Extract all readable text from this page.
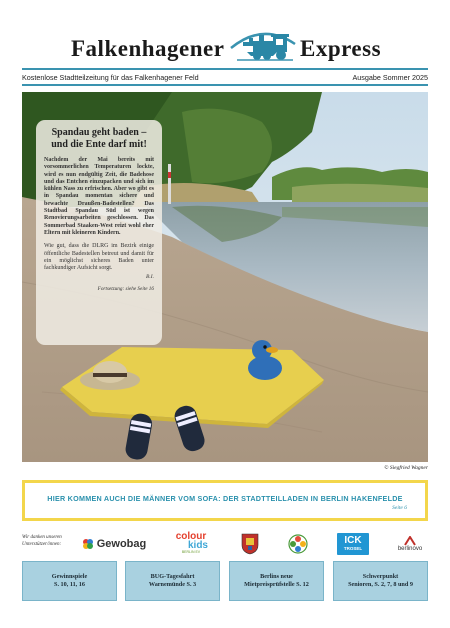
Falkenhagener	Express
Kostenlose Stadtteilzeitung für das Falkenhagener Feld	Ausgabe Sommer 2025
Spandau geht baden –
und die Ente darf mit!

Nachdem der Mai bereits mit vorsommerlichen Temperaturen lockte, wird es nun endgültig Zeit, die Badehose und das Entchen einzupacken und sich im kühlen Nass zu erfrischen. Aber wo gibt es in Spandau momentan sichere und bewachte Draußen-Badestellen? Das Stadtbad Spandau Süd ist wegen Renovierungsarbeiten geschlossen. Das Sommerbad Staaken-West reizt wohl eher Eltern mit kleineren Kindern.

Wie gut, dass die DLRG im Bezirk einige öffentliche Badestellen betreut und damit für ein möglichst sicheres Baden unter fachkundiger Aufsicht sorgt.

B.I.
Fortsetzung: siehe Seite 16
© Siegfried Wagner
HIER KOMMEN AUCH DIE MÄNNER VOM SOFA: DER STADTTEILLADEN IN BERLIN HAKENFELDE
Seite 6
Wir danken unseren Unterstützer/innen:	Gewobag
colour
kids
BERLIN EV
ICK
TROSEL	berlinovo
Gewinnspiele
S. 10, 11, 16
BUG-Tagesfahrt
Warnemünde S. 3
Berlins neue
Mietpreisprüfstelle S. 12
Schwerpunkt
Senioren, S. 2, 7, 8 und 9
